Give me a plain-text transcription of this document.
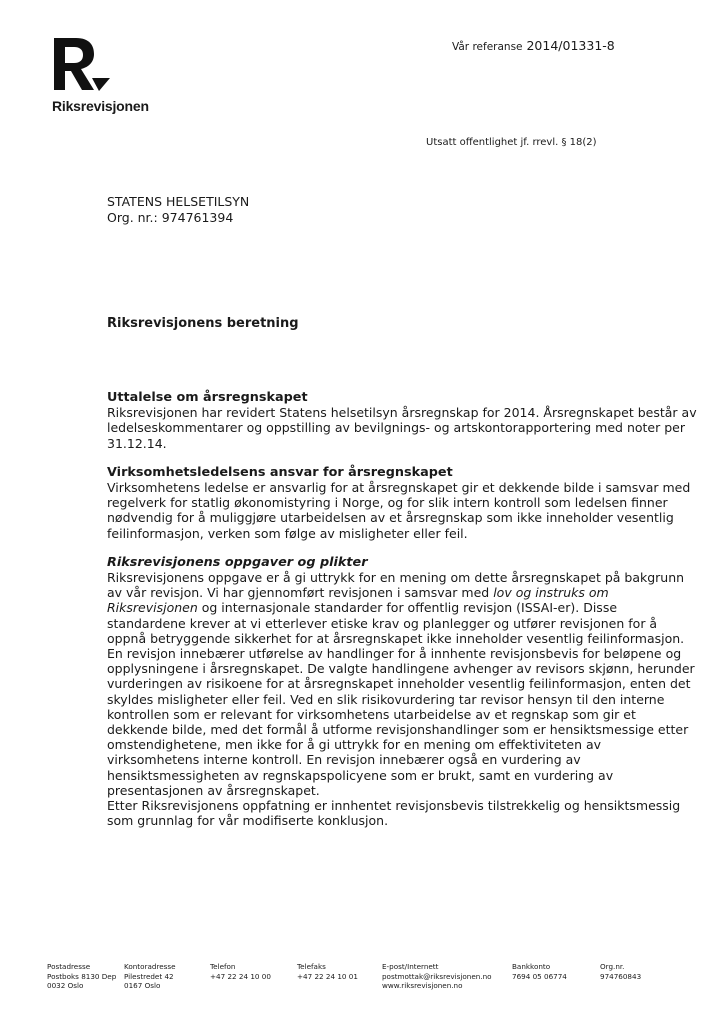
Riksrevisjonen
Vår referanse 2014/01331-8
Utsatt offentlighet jf. rrevl. § 18(2)
STATENS HELSETILSYN
Org. nr.: 974761394
Riksrevisjonens beretning
Uttalelse om årsregnskapet

Riksrevisjonen har revidert Statens helsetilsyn årsregnskap for 2014. Årsregnskapet består av ledelseskommentarer og oppstilling av bevilgnings- og artskontorapportering med noter per 31.12.14.

Virksomhetsledelsens ansvar for årsregnskapet

Virksomhetens ledelse er ansvarlig for at årsregnskapet gir et dekkende bilde i samsvar med regelverk for statlig økonomistyring i Norge, og for slik intern kontroll som ledelsen finner nødvendig for å muliggjøre utarbeidelsen av et årsregnskap som ikke inneholder vesentlig feilinformasjon, verken som følge av misligheter eller feil.

Riksrevisjonens oppgaver og plikter

Riksrevisjonens oppgave er å gi uttrykk for en mening om dette årsregnskapet på bakgrunn av vår revisjon. Vi har gjennomført revisjonen i samsvar med lov og instruks om Riksrevisjonen og internasjonale standarder for offentlig revisjon (ISSAI-er). Disse standardene krever at vi etterlever etiske krav og planlegger og utfører revisjonen for å oppnå betryggende sikkerhet for at årsregnskapet ikke inneholder vesentlig feilinformasjon.

En revisjon innebærer utførelse av handlinger for å innhente revisjonsbevis for beløpene og opplysningene i årsregnskapet. De valgte handlingene avhenger av revisors skjønn, herunder vurderingen av risikoene for at årsregnskapet inneholder vesentlig feilinformasjon, enten det skyldes misligheter eller feil. Ved en slik risikovurdering tar revisor hensyn til den interne kontrollen som er relevant for virksomhetens utarbeidelse av et regnskap som gir et dekkende bilde, med det formål å utforme revisjonshandlinger som er hensiktsmessige etter omstendighetene, men ikke for å gi uttrykk for en mening om effektiviteten av virksomhetens interne kontroll. En revisjon innebærer også en vurdering av hensiktsmessigheten av regnskapspolicyene som er brukt, samt en vurdering av presentasjonen av årsregnskapet.

Etter Riksrevisjonens oppfatning er innhentet revisjonsbevis tilstrekkelig og hensiktsmessig som grunnlag for vår modifiserte konklusjon.

Postadresse
Postboks 8130 Dep
0032 Oslo
Kontoradresse
Pilestredet 42
0167 Oslo
Telefon
+47 22 24 10 00
Telefaks
+47 22 24 10 01
E-post/Internett
postmottak@riksrevisjonen.no
www.riksrevisjonen.no
Bankkonto
7694 05 06774
Org.nr.
974760843
